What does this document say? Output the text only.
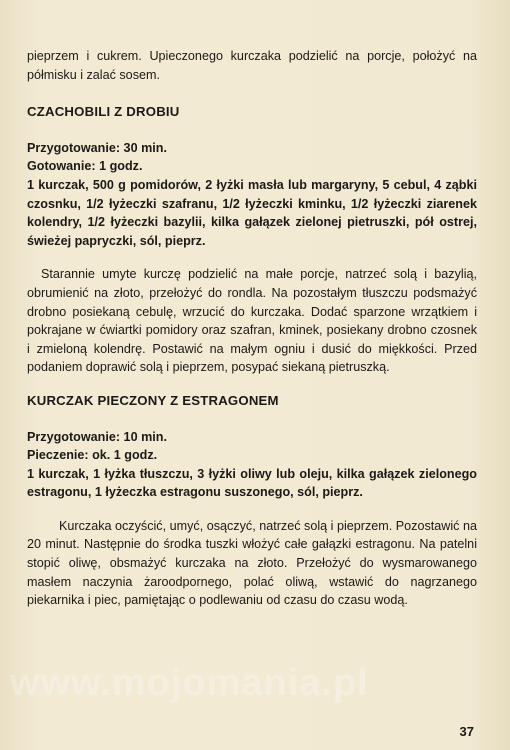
pieprzem i cukrem. Upieczonego kurczaka podzielić na porcje, położyć na półmisku i zalać sosem.

CZACHOBILI Z DROBIU

Przygotowanie: 30 min.

Gotowanie: 1 godz.

1 kurczak, 500 g pomidorów, 2 łyżki masła lub margaryny, 5 cebul, 4 ząbki czosnku, 1/2 łyżeczki szafranu, 1/2 łyżeczki kminku, 1/2 łyżeczki ziarenek kolendry, 1/2 łyżeczki bazylii, kilka gałązek zielonej pietruszki, pół ostrej, świeżej papryczki, sól, pieprz.

Starannie umyte kurczę podzielić na małe porcje, natrzeć solą i bazylią, obrumienić na złoto, przełożyć do rondla. Na pozostałym tłuszczu podsmażyć drobno posiekaną cebulę, wrzucić do kurczaka. Dodać sparzone wrzątkiem i pokrajane w ćwiartki pomidory oraz szafran, kminek, posiekany drobno czosnek i zmieloną kolendrę. Postawić na małym ogniu i dusić do miękkości. Przed podaniem doprawić solą i pieprzem, posypać siekaną pietruszką.

KURCZAK PIECZONY Z ESTRAGONEM

Przygotowanie: 10 min.

Pieczenie: ok. 1 godz.

1 kurczak, 1 łyżka tłuszczu, 3 łyżki oliwy lub oleju, kilka gałązek zielonego estragonu, 1 łyżeczka estragonu suszonego, sól, pieprz.

Kurczaka oczyścić, umyć, osączyć, natrzeć solą i pieprzem. Pozostawić na 20 minut. Następnie do środka tuszki włożyć całe gałązki estragonu. Na patelni stopić oliwę, obsmażyć kurczaka na złoto. Przełożyć do wysmarowanego masłem naczynia żaroodpornego, polać oliwą, wstawić do nagrzanego piekarnika i piec, pamiętając o podlewaniu od czasu do czasu wodą.

www.mojomania.pl
37
